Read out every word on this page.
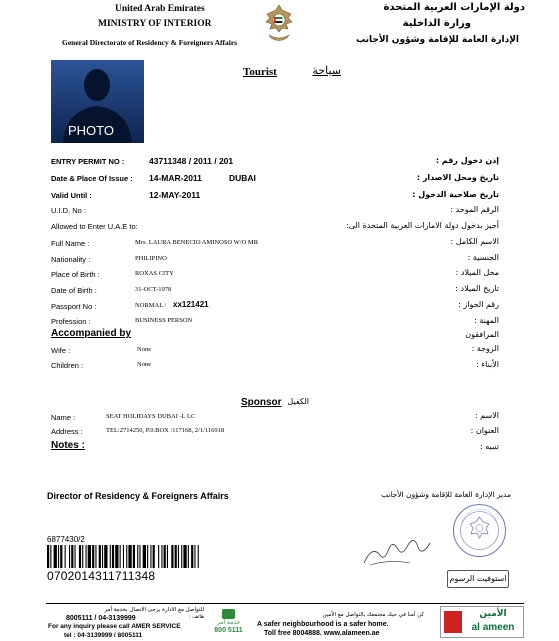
United Arab Emirates
MINISTRY OF INTERIOR
General Directorate of Residency & Foreigners Affairs
دولة الإمارات العربية المتحدة
وزارة الداخلية
الإدارة العامة للإقامة وشؤون الأجانب
Tourist	سياحة
PHOTO
ENTRY PERMIT NO :	43711348 / 2011 / 201	إذن دخول رقم :
Date & Place Of Issue : 14-MAR-2011	DUBAI	تاريخ ومحل الاصدار :
Valid Until :	12-MAY-2011	تاريخ صلاحية الدخول :
U.I.D. No :	الرقم الموحد :
Allowed to Enter U.A.E to:	أجيز بدخول دولة الامارات العربية المتحدة الى:
Full Name :	Mrs. LAURA BENECIO AMINOSO W/O MR	الاسم الكامل :
Nationality :	PHILIPINO	الجنسية :
Place of Birth :	ROXAS CITY	محل الميلاد :
Date of Birth :	31-OCT-1978	تاريخ الميلاد :
Passport No :	NORMAL / xx121421	رقم الجواز :
Profession :	BUSINESS PERSON	المهنة :
Accompanied by	المرافقون
Wife :	None	الزوجة :
Children :	None	الأبناء :
Sponsor الكفيل
Name :	SEAT HOLIDAYS DUBAI -L LC	الاسم :
Address :	TEL:2714250, P.0.BOX :117168, 2/1/116918	العنوان :
Notes :	تنبيه :
Director of Residency & Foreigners Affairs	مدير الإدارة العامة للإقامة وشؤون الأجانب
استوفيت الرسوم
6877430/2
0702014311711348
للتواصل مع الادارة يرجى الاتصال بخدمة أمر
8005111 / 04-3139999	هاتف :
For any inquiry please call AMER SERVICE
tel : 04-3139999 / 8005111
خدمة أمر
800 5111
كن آمنا في حيك مجتمعك بالتواصل مع الأمين
A safer neighbourhood is a safer home.
Toll free 8004888. www.alameen.ae
الأمين
al ameen
